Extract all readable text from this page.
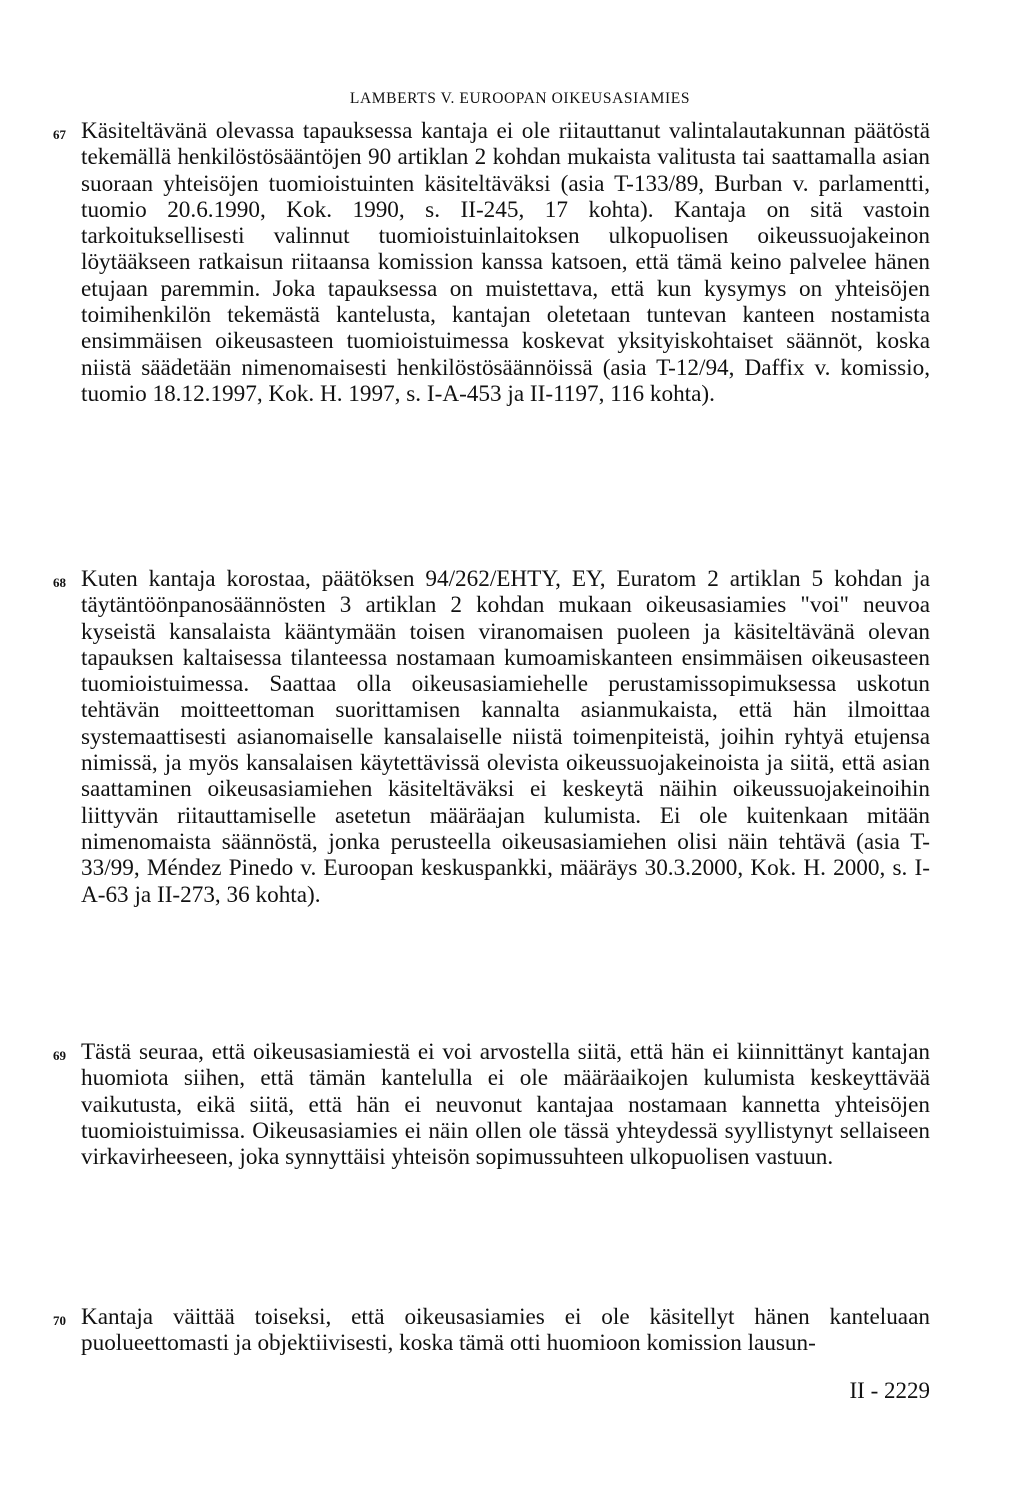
LAMBERTS V. EUROOPAN OIKEUSASIAMIES
67 Käsiteltävänä olevassa tapauksessa kantaja ei ole riitauttanut valintalautakunnan päätöstä tekemällä henkilöstösääntöjen 90 artiklan 2 kohdan mukaista valitusta tai saattamalla asian suoraan yhteisöjen tuomioistuinten käsiteltäväksi (asia T-133/89, Burban v. parlamentti, tuomio 20.6.1990, Kok. 1990, s. II-245, 17 kohta). Kantaja on sitä vastoin tarkoituksellisesti valinnut tuomioistuinlaitoksen ulkopuolisen oikeussuojakeinon löytääkseen ratkaisun riitaansa komission kanssa katsoen, että tämä keino palvelee hänen etujaan paremmin. Joka tapauksessa on muistettava, että kun kysymys on yhteisöjen toimihenkilön tekemästä kantelusta, kantajan oletetaan tuntevan kanteen nostamista ensimmäisen oikeusasteen tuomioistuimessa koskevat yksityiskohtaiset säännöt, koska niistä säädetään nimenomaisesti henkilöstösäännöissä (asia T-12/94, Daffix v. komissio, tuomio 18.12.1997, Kok. H. 1997, s. I-A-453 ja II-1197, 116 kohta).

68 Kuten kantaja korostaa, päätöksen 94/262/EHTY, EY, Euratom 2 artiklan 5 kohdan ja täytäntöönpanosäännösten 3 artiklan 2 kohdan mukaan oikeusasiamies "voi" neuvoa kyseistä kansalaista kääntymään toisen viranomaisen puoleen ja käsiteltävänä olevan tapauksen kaltaisessa tilanteessa nostamaan kumoamiskanteen ensimmäisen oikeusasteen tuomioistuimessa. Saattaa olla oikeusasiamiehelle perustamissopimuksessa uskotun tehtävän moitteettoman suorittamisen kannalta asianmukaista, että hän ilmoittaa systemaattisesti asianomaiselle kansalaiselle niistä toimenpiteistä, joihin ryhtyä etujensa nimissä, ja myös kansalaisen käytettävissä olevista oikeussuojakeinoista ja siitä, että asian saattaminen oikeusasiamiehen käsiteltäväksi ei keskeytä näihin oikeussuojakeinoihin liittyvän riitauttamiselle asetetun määräajan kulumista. Ei ole kuitenkaan mitään nimenomaista säännöstä, jonka perusteella oikeusasiamiehen olisi näin tehtävä (asia T-33/99, Méndez Pinedo v. Euroopan keskuspankki, määräys 30.3.2000, Kok. H. 2000, s. I-A-63 ja II-273, 36 kohta).

69 Tästä seuraa, että oikeusasiamiestä ei voi arvostella siitä, että hän ei kiinnittänyt kantajan huomiota siihen, että tämän kantelulla ei ole määräaikojen kulumista keskeyttävää vaikutusta, eikä siitä, että hän ei neuvonut kantajaa nostamaan kannetta yhteisöjen tuomioistuimissa. Oikeusasiamies ei näin ollen ole tässä yhteydessä syyllistynyt sellaiseen virkavirheeseen, joka synnyttäisi yhteisön sopimussuhteen ulkopuolisen vastuun.

70 Kantaja väittää toiseksi, että oikeusasiamies ei ole käsitellyt hänen kanteluaan puolueettomasti ja objektiivisesti, koska tämä otti huomioon komission lausun-

II - 2229
